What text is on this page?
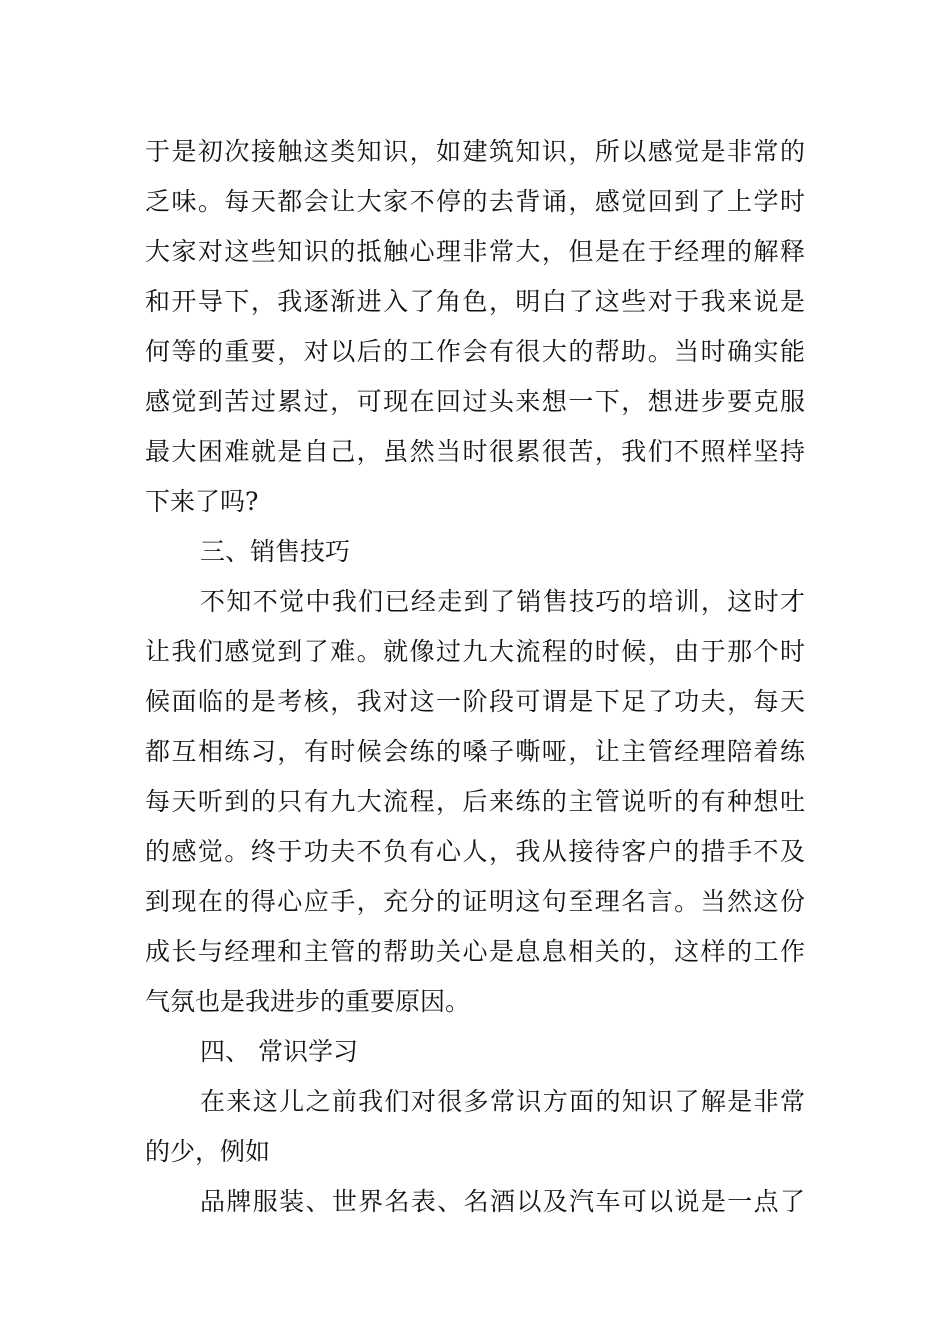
于是初次接触这类知识，如建筑知识，所以感觉是非常的
乏味。每天都会让大家不停的去背诵，感觉回到了上学时
大家对这些知识的抵触心理非常大，但是在于经理的解释
和开导下，我逐渐进入了角色，明白了这些对于我来说是
何等的重要，对以后的工作会有很大的帮助。当时确实能
感觉到苦过累过，可现在回过头来想一下，想进步要克服
最大困难就是自己，虽然当时很累很苦，我们不照样坚持
下来了吗?
三、销售技巧
不知不觉中我们已经走到了销售技巧的培训，这时才
让我们感觉到了难。就像过九大流程的时候，由于那个时
候面临的是考核，我对这一阶段可谓是下足了功夫，每天
都互相练习，有时候会练的嗓子嘶哑，让主管经理陪着练
每天听到的只有九大流程，后来练的主管说听的有种想吐
的感觉。终于功夫不负有心人，我从接待客户的措手不及
到现在的得心应手，充分的证明这句至理名言。当然这份
成长与经理和主管的帮助关心是息息相关的，这样的工作
气氛也是我进步的重要原因。
四、 常识学习
在来这儿之前我们对很多常识方面的知识了解是非常
的少，例如
品牌服装、世界名表、名酒以及汽车可以说是一点了
